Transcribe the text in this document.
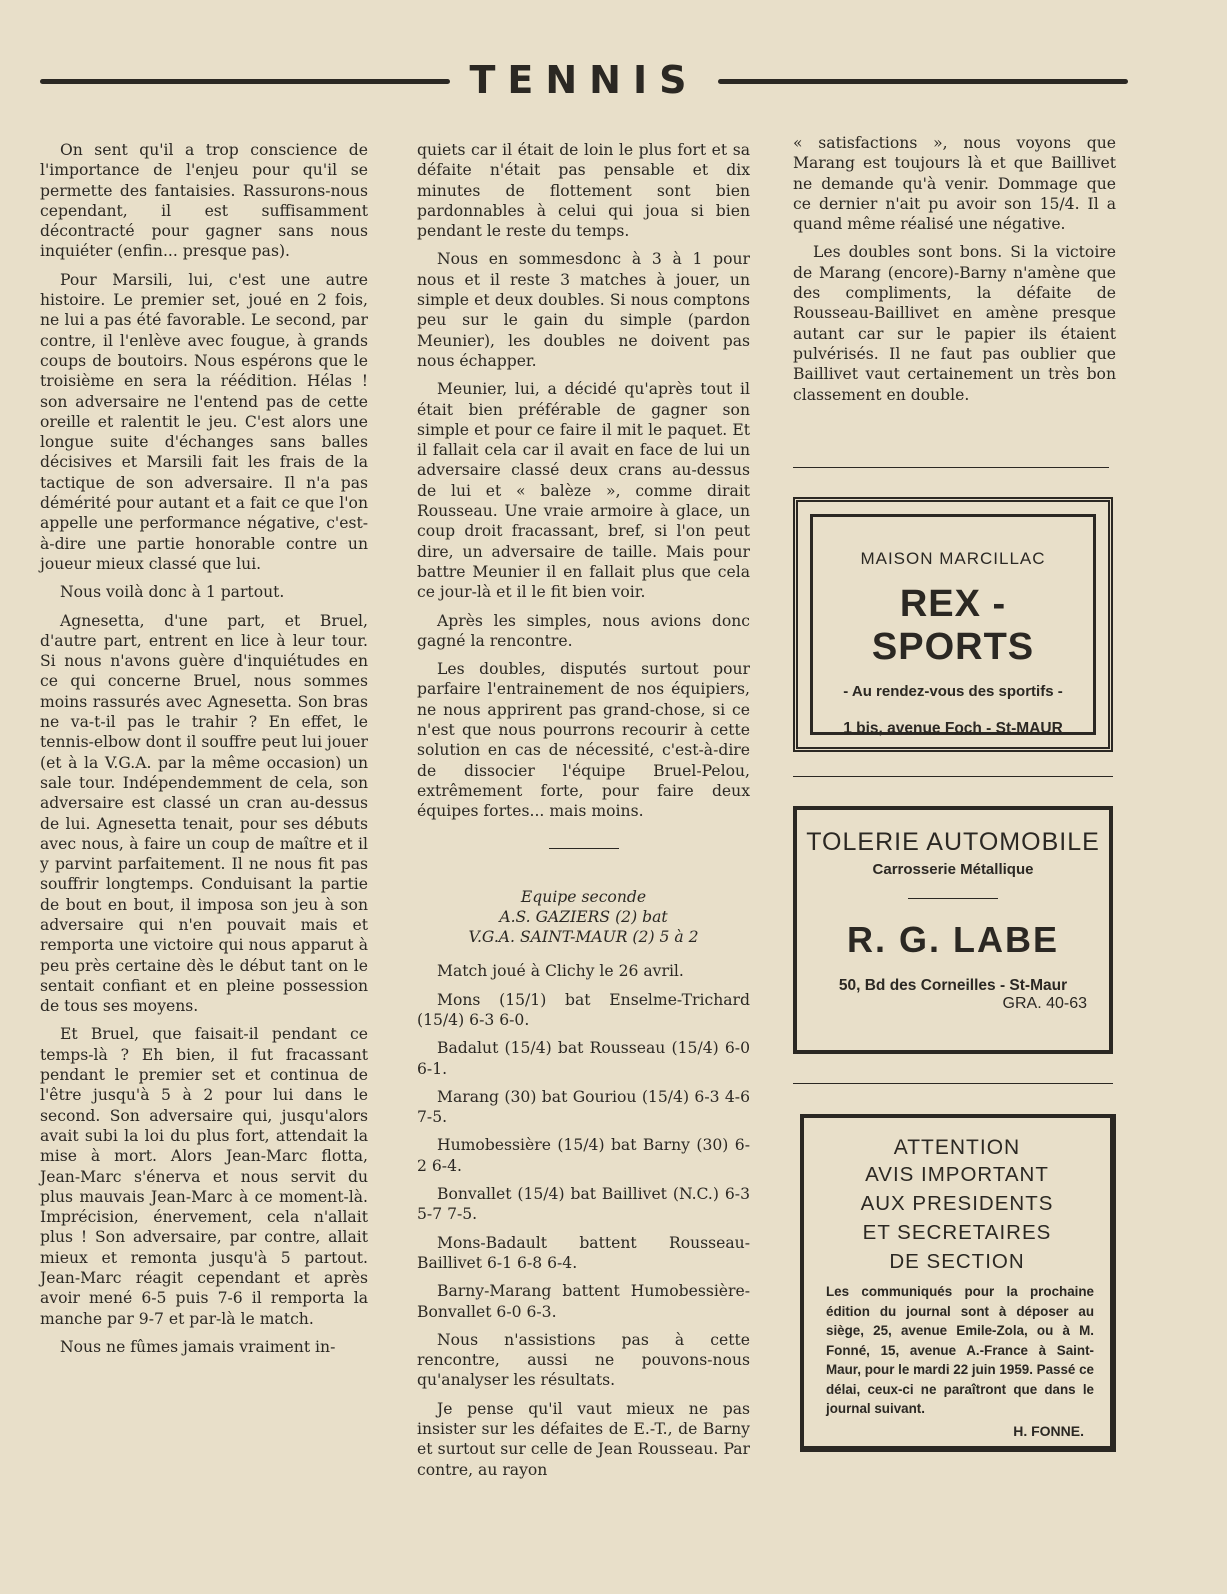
TENNIS

On sent qu'il a trop conscience de l'importance de l'enjeu pour qu'il se permette des fantaisies. Rassurons-nous cependant, il est suffisamment décontracté pour gagner sans nous inquiéter (enfin... presque pas).

Pour Marsili, lui, c'est une autre histoire. Le premier set, joué en 2 fois, ne lui a pas été favorable. Le second, par contre, il l'enlève avec fougue, à grands coups de boutoirs. Nous espérons que le troisième en sera la réédition. Hélas ! son adversaire ne l'entend pas de cette oreille et ralentit le jeu. C'est alors une longue suite d'échanges sans balles décisives et Marsili fait les frais de la tactique de son adversaire. Il n'a pas démérité pour autant et a fait ce que l'on appelle une performance négative, c'est-à-dire une partie honorable contre un joueur mieux classé que lui.

Nous voilà donc à 1 partout.

Agnesetta, d'une part, et Bruel, d'autre part, entrent en lice à leur tour. Si nous n'avons guère d'inquiétudes en ce qui concerne Bruel, nous sommes moins rassurés avec Agnesetta. Son bras ne va-t-il pas le trahir ? En effet, le tennis-elbow dont il souffre peut lui jouer (et à la V.G.A. par la même occasion) un sale tour. Indépendemment de cela, son adversaire est classé un cran au-dessus de lui. Agnesetta tenait, pour ses débuts avec nous, à faire un coup de maître et il y parvint parfaitement. Il ne nous fit pas souffrir longtemps. Conduisant la partie de bout en bout, il imposa son jeu à son adversaire qui n'en pouvait mais et remporta une victoire qui nous apparut à peu près certaine dès le début tant on le sentait confiant et en pleine possession de tous ses moyens.

Et Bruel, que faisait-il pendant ce temps-là ? Eh bien, il fut fracassant pendant le premier set et continua de l'être jusqu'à 5 à 2 pour lui dans le second. Son adversaire qui, jusqu'alors avait subi la loi du plus fort, attendait la mise à mort. Alors Jean-Marc flotta, Jean-Marc s'énerva et nous servit du plus mauvais Jean-Marc à ce moment-là. Imprécision, énervement, cela n'allait plus ! Son adversaire, par contre, allait mieux et remonta jusqu'à 5 partout. Jean-Marc réagit cependant et après avoir mené 6-5 puis 7-6 il remporta la manche par 9-7 et par-là le match.

Nous ne fûmes jamais vraiment in-

quiets car il était de loin le plus fort et sa défaite n'était pas pensable et dix minutes de flottement sont bien pardonnables à celui qui joua si bien pendant le reste du temps.

Nous en sommesdonc à 3 à 1 pour nous et il reste 3 matches à jouer, un simple et deux doubles. Si nous comptons peu sur le gain du simple (pardon Meunier), les doubles ne doivent pas nous échapper.

Meunier, lui, a décidé qu'après tout il était bien préférable de gagner son simple et pour ce faire il mit le paquet. Et il fallait cela car il avait en face de lui un adversaire classé deux crans au-dessus de lui et « balèze », comme dirait Rousseau. Une vraie armoire à glace, un coup droit fracassant, bref, si l'on peut dire, un adversaire de taille. Mais pour battre Meunier il en fallait plus que cela ce jour-là et il le fit bien voir.

Après les simples, nous avions donc gagné la rencontre.

Les doubles, disputés surtout pour parfaire l'entrainement de nos équipiers, ne nous apprirent pas grand-chose, si ce n'est que nous pourrons recourir à cette solution en cas de nécessité, c'est-à-dire de dissocier l'équipe Bruel-Pelou, extrêmement forte, pour faire deux équipes fortes... mais moins.

Equipe seconde

A.S. GAZIERS (2) bat

V.G.A. SAINT-MAUR (2) 5 à 2

Match joué à Clichy le 26 avril.

Mons (15/1) bat Enselme-Trichard (15/4) 6-3 6-0.

Badalut (15/4) bat Rousseau (15/4) 6-0 6-1.

Marang (30) bat Gouriou (15/4) 6-3 4-6 7-5.

Humobessière (15/4) bat Barny (30) 6-2 6-4.

Bonvallet (15/4) bat Baillivet (N.C.) 6-3 5-7 7-5.

Mons-Badault battent Rousseau-Baillivet 6-1 6-8 6-4.

Barny-Marang battent Humobessière-Bonvallet 6-0 6-3.

Nous n'assistions pas à cette rencontre, aussi ne pouvons-nous qu'analyser les résultats.

Je pense qu'il vaut mieux ne pas insister sur les défaites de E.-T., de Barny et surtout sur celle de Jean Rousseau. Par contre, au rayon

« satisfactions », nous voyons que Marang est toujours là et que Baillivet ne demande qu'à venir. Dommage que ce dernier n'ait pu avoir son 15/4. Il a quand même réalisé une négative.

Les doubles sont bons. Si la victoire de Marang (encore)-Barny n'amène que des compliments, la défaite de Rousseau-Baillivet en amène presque autant car sur le papier ils étaient pulvérisés. Il ne faut pas oublier que Baillivet vaut certainement un très bon classement en double.

MAISON MARCILLAC
REX - SPORTS
- Au rendez-vous des sportifs -
1 bis, avenue Foch - St-MAUR
TOLERIE AUTOMOBILE
Carrosserie Métallique
R. G. LABE
50, Bd des Corneilles - St-Maur
GRA. 40-63
ATTENTION
AVIS IMPORTANT
AUX PRESIDENTS
ET SECRETAIRES
DE SECTION
Les communiqués pour la prochaine édition du journal sont à déposer au siège, 25, avenue Emile-Zola, ou à M. Fonné, 15, avenue A.-France à Saint-Maur, pour le mardi 22 juin 1959. Passé ce délai, ceux-ci ne paraîtront que dans le journal suivant.
H. FONNE.
